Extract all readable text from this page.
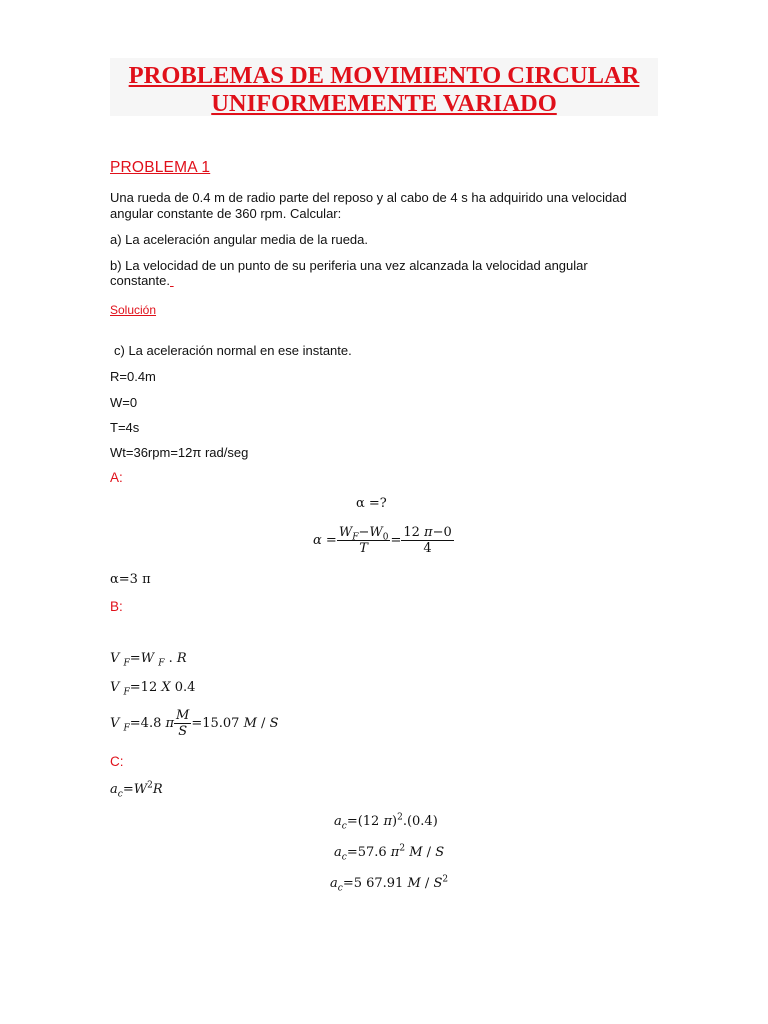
PROBLEMAS DE MOVIMIENTO CIRCULAR
UNIFORMEMENTE VARIADO
PROBLEMA 1
Una rueda de 0.4 m de radio parte del reposo y al cabo de 4 s ha adquirido una velocidad
angular constante de 360 rpm. Calcular:
a) La aceleración angular media de la rueda.
b) La velocidad de un punto de su periferia una vez alcanzada la velocidad angular
constante.
Solución
c) La aceleración normal en ese instante.
R=0.4m
W=0
T=4s
Wt=36rpm=12π rad/seg
A:
α =?
$\alpha = \frac{W_F-W_0}{T} = \frac{12 \pi-0}{4}$
α=3 π
B:
V $_F$=W $_F$ . R
V $_F$=12 X 0.4
V $_F$=4.8 π $\frac{M}{S} =15.07$ M / S
C:
$a_c=W^2R$
$a_c=(12$ π)$^2$.(0.4)
$a_c=57.6$ $\pi^2$ M / S
$a_c=5$ 67.91 M / $S^2$
